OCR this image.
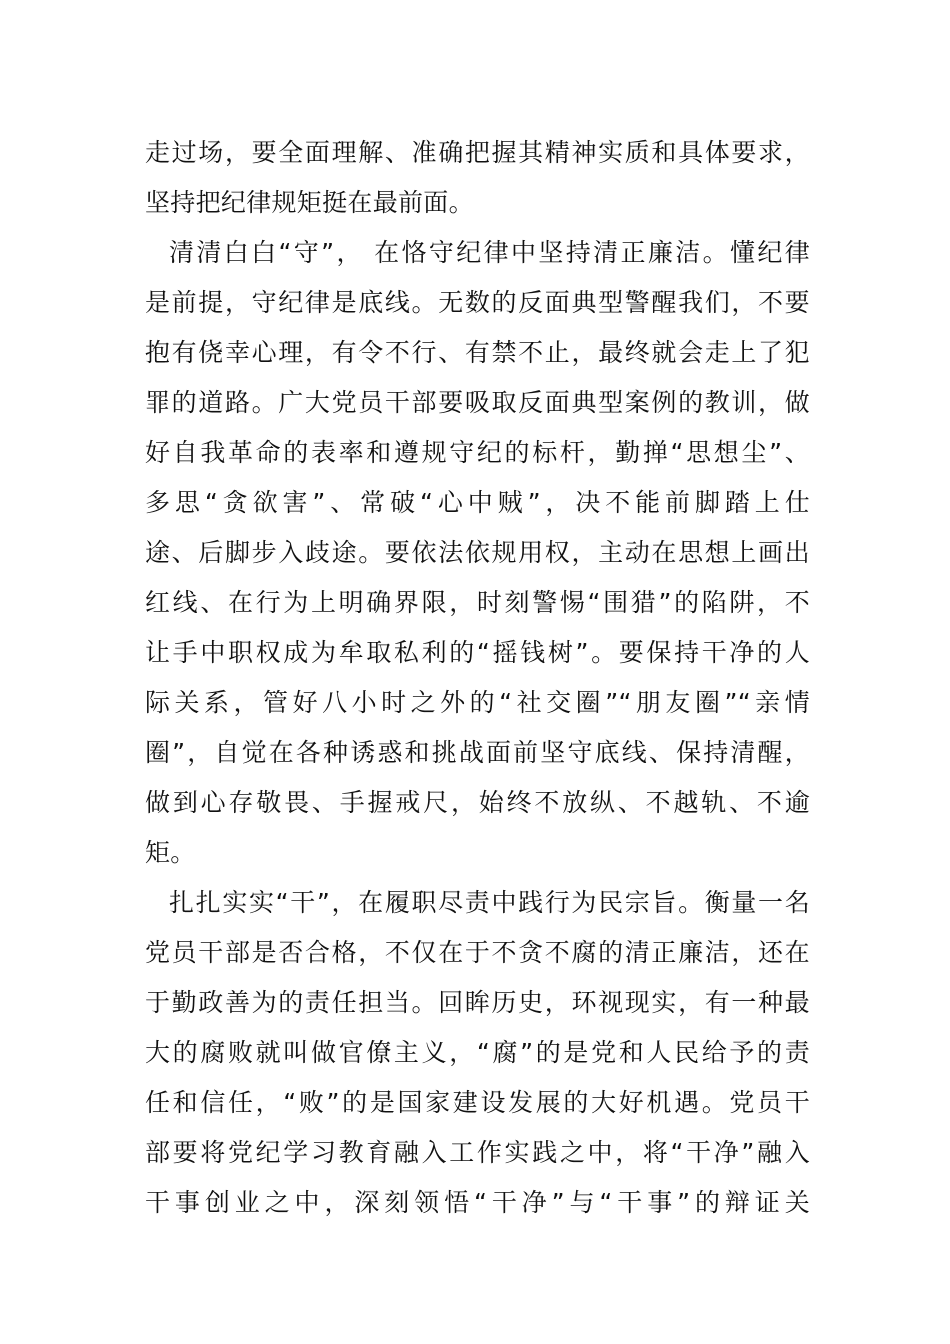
走过场，要全面理解、准确把握其精神实质和具体要求，
坚持把纪律规矩挺在最前面。
清清白白“守”， 在恪守纪律中坚持清正廉洁。懂纪律
是前提，守纪律是底线。无数的反面典型警醒我们，不要
抱有侥幸心理，有令不行、有禁不止，最终就会走上了犯
罪的道路。广大党员干部要吸取反面典型案例的教训，做
好自我革命的表率和遵规守纪的标杆，勤掸“思想尘”、
多思“贪欲害”、常破“心中贼”，决不能前脚踏上仕
途、后脚步入歧途。要依法依规用权，主动在思想上画出
红线、在行为上明确界限，时刻警惕“围猎”的陷阱，不
让手中职权成为牟取私利的“摇钱树”。要保持干净的人
际关系，管好八小时之外的“社交圈”“朋友圈”“亲情
圈”，自觉在各种诱惑和挑战面前坚守底线、保持清醒，
做到心存敬畏、手握戒尺，始终不放纵、不越轨、不逾
矩。
扎扎实实“干”，在履职尽责中践行为民宗旨。衡量一名
党员干部是否合格，不仅在于不贪不腐的清正廉洁，还在
于勤政善为的责任担当。回眸历史，环视现实，有一种最
大的腐败就叫做官僚主义，“腐”的是党和人民给予的责
任和信任，“败”的是国家建设发展的大好机遇。党员干
部要将党纪学习教育融入工作实践之中，将“干净”融入
干事创业之中，深刻领悟“干净”与“干事”的辩证关
